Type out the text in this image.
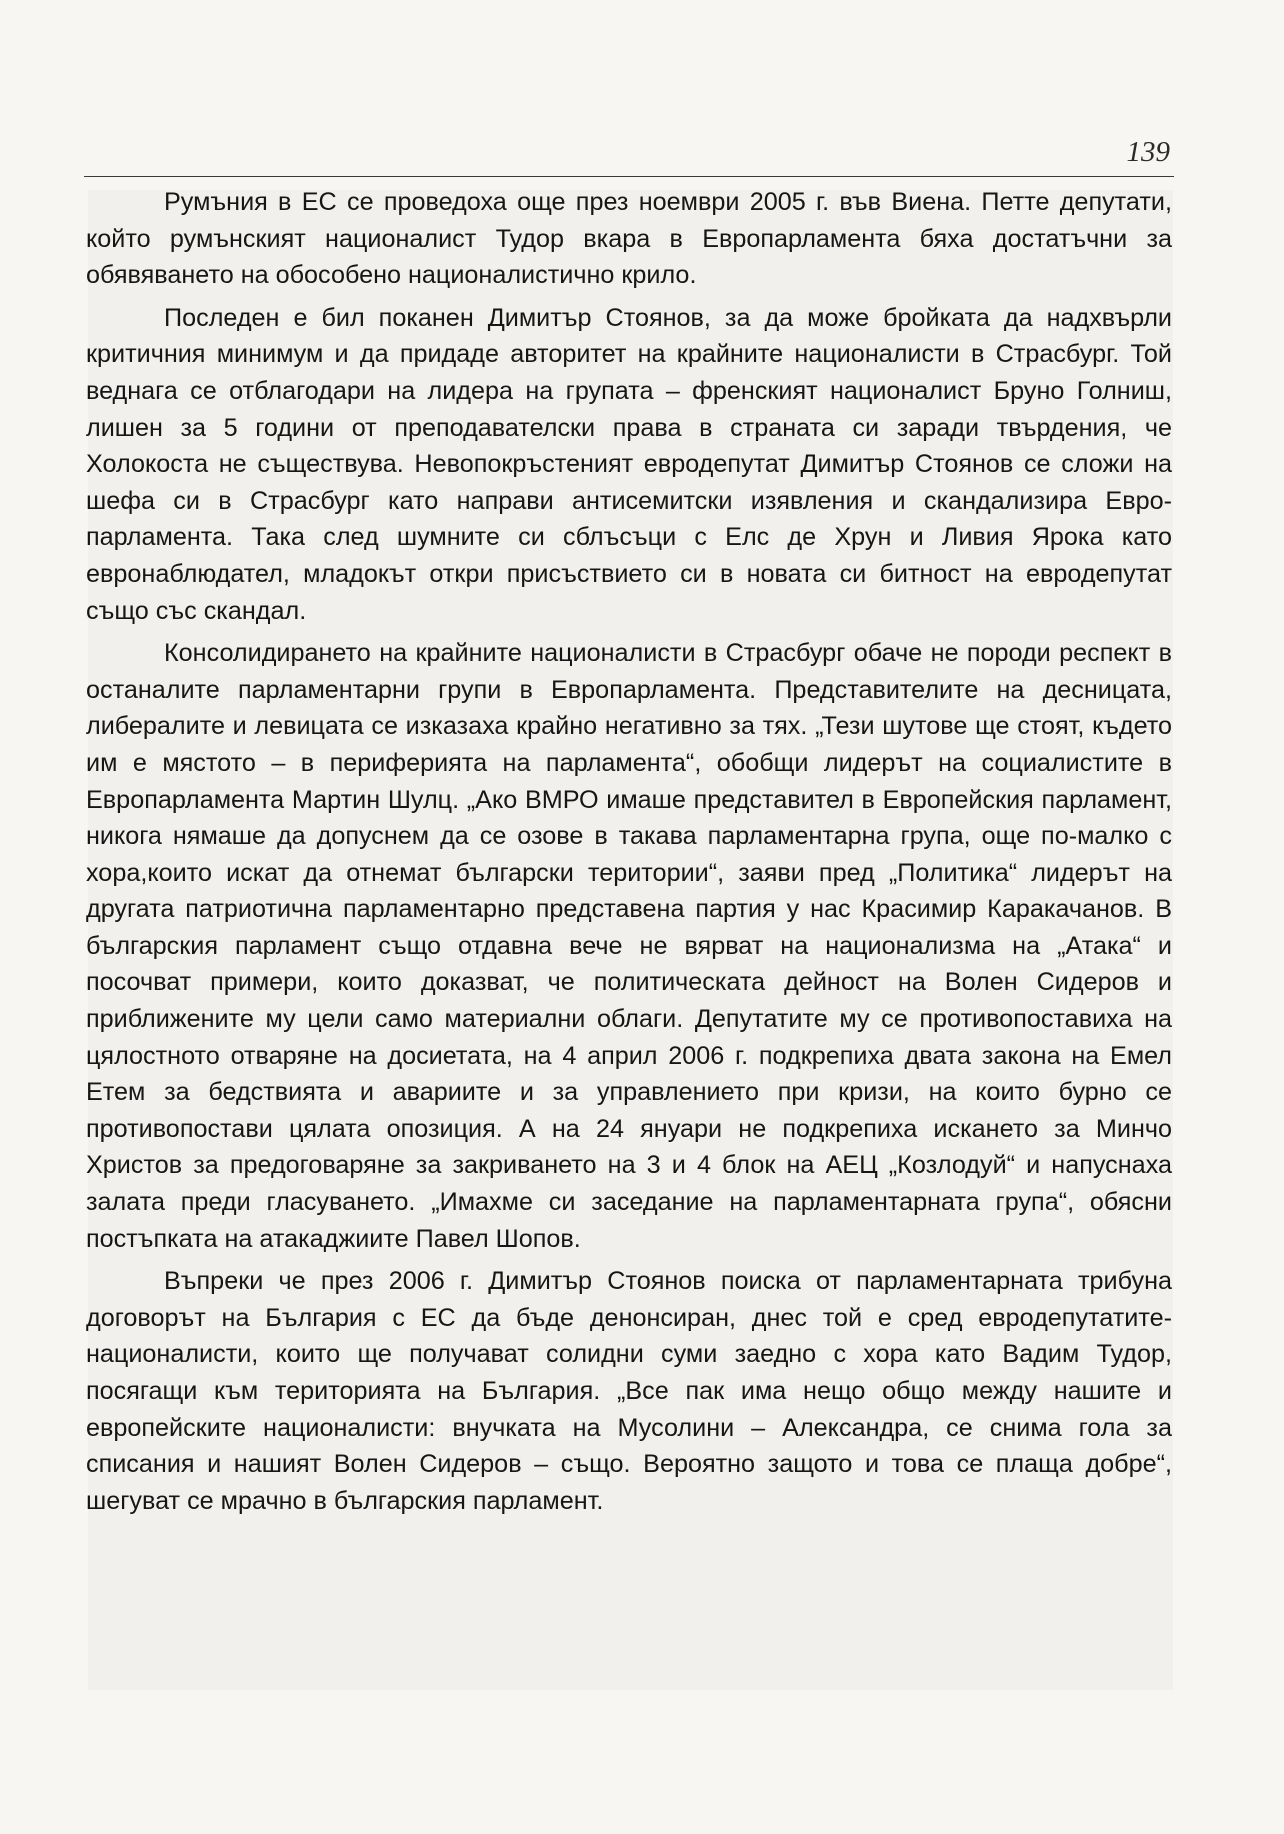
139

Румъния в ЕС се проведоха още през ноември 2005 г. във Виена. Петте депутати, който румънският националист Тудор вкара в Европарламента бяха достатъчни за обявяването на обособено националистично крило.

Последен е бил поканен Димитър Стоянов, за да може бройката да надхвърли критичния минимум и да придаде авторитет на крайните националисти в Страсбург. Той веднага се отблагодари на лидера на групата – френският националист Бруно Голниш, лишен за 5 години от преподавателски права в страната си заради твърдения, че Холокоста не съществува. Невопокръстеният евродепутат Димитър Стоянов се сложи на шефа си в Страсбург като направи антисемитски изявления и скандализира Евро-парламента. Така след шумните си сблъсъци с Елс де Хрун и Ливия Ярока като евронаблюдател, младокът откри присъствието си в новата си битност на евродепутат също със скандал.

Консолидирането на крайните националисти в Страсбург обаче не породи респект в останалите парламентарни групи в Европарламента. Представителите на десницата, либералите и левицата се изказаха крайно негативно за тях. „Тези шутове ще стоят, където им е мястото – в периферията на парламента“, обобщи лидерът на социалистите в Европарламента Мартин Шулц. „Ако ВМРО имаше представител в Европейския парламент, никога нямаше да допуснем да се озове в такава парламентарна група, още по-малко с хора,които искат да отнемат български територии“, заяви пред „Политика“ лидерът на другата патриотична парламентарно представена партия у нас Красимир Каракачанов. В българския парламент също отдавна вече не вярват на национализма на „Атака“ и посочват примери, които доказват, че политическата дейност на Волен Сидеров и приближените му цели само материални облаги. Депутатите му се противопоставиха на цялостното отваряне на досиетата, на 4 април 2006 г. подкрепиха двата закона на Емел Етем за бедствията и авариите и за управлението при кризи, на които бурно се противопостави цялата опозиция. А на 24 януари не подкрепиха искането за Минчо Христов за предоговаряне за закриването на 3 и 4 блок на АЕЦ „Козлодуй“ и напуснаха залата преди гласуването. „Имахме си заседание на парламентарната група“, обясни постъпката на атакаджиите Павел Шопов.

Въпреки че през 2006 г. Димитър Стоянов поиска от парламентарната трибуна договорът на България с ЕС да бъде денонсиран, днес той е сред евродепутатите-националисти, които ще получават солидни суми заедно с хора като Вадим Тудор, посягащи към територията на България. „Все пак има нещо общо между нашите и европейските националисти: внучката на Мусолини – Александра, се снима гола за списания и нашият Волен Сидеров – също. Вероятно защото и това се плаща добре“, шегуват се мрачно в българския парламент.
